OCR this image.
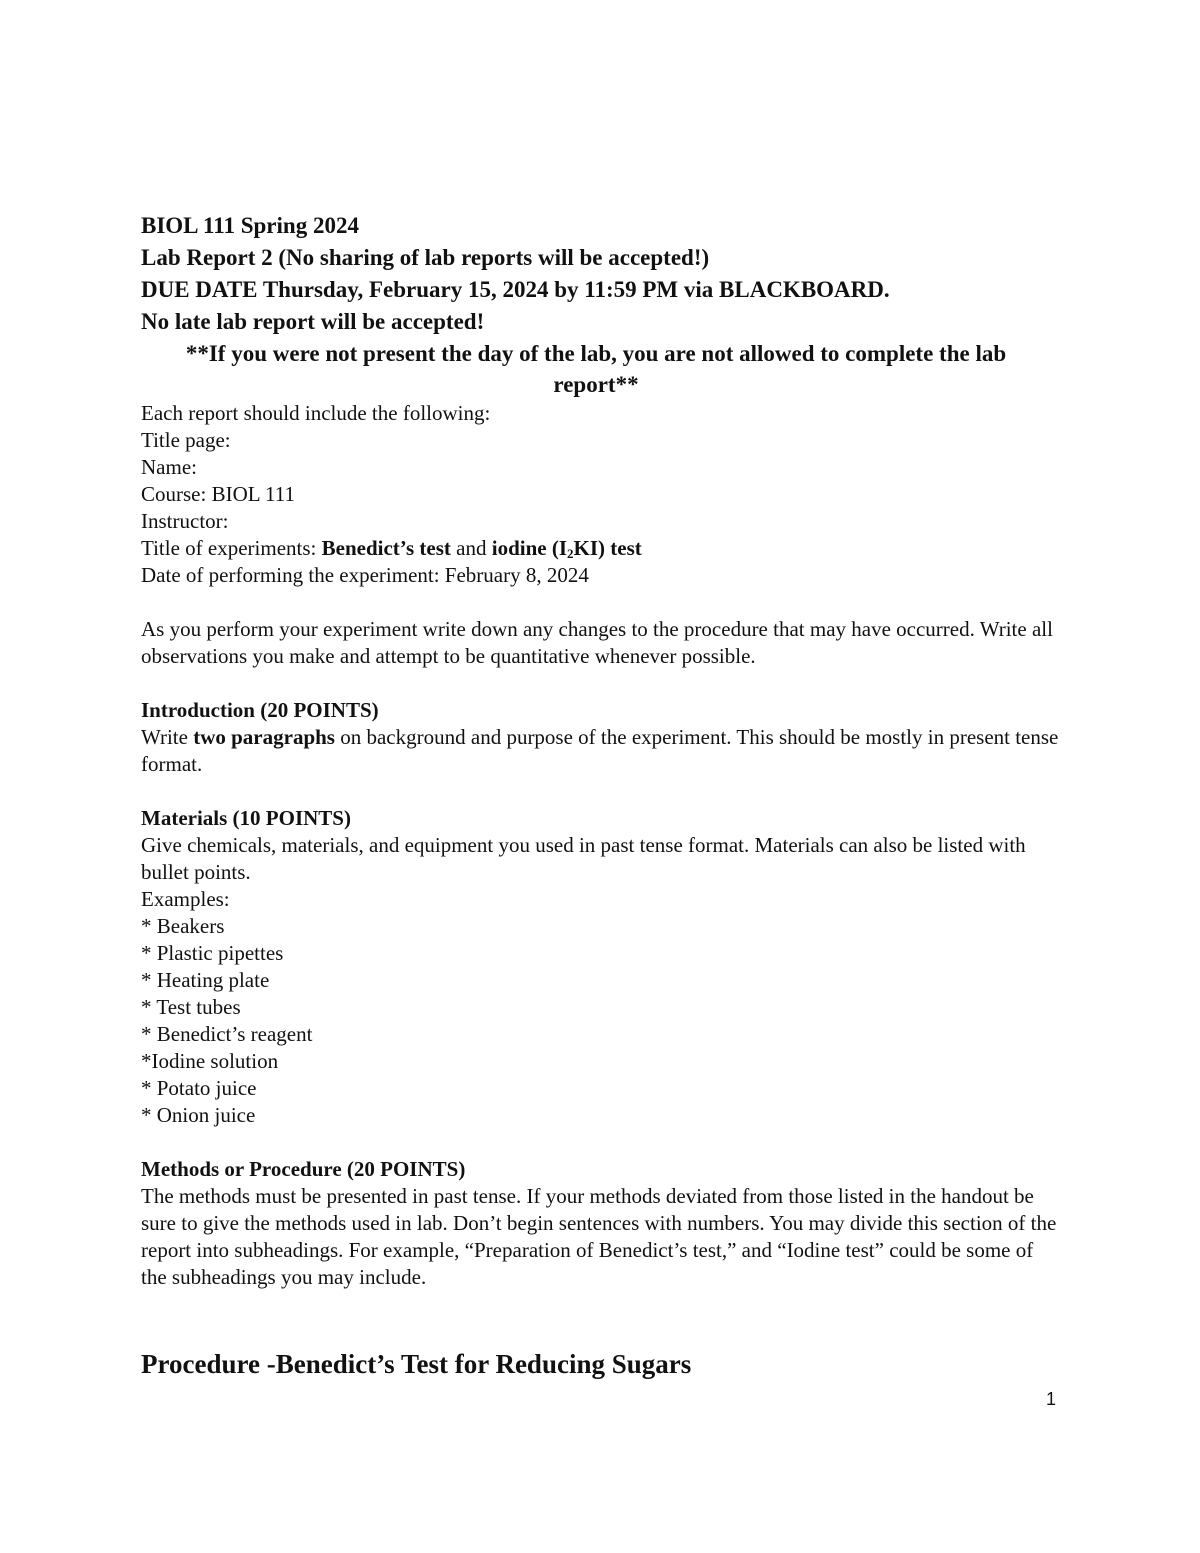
BIOL 111 Spring 2024

Lab Report 2 (No sharing of lab reports will be accepted!)

DUE DATE Thursday, February 15, 2024 by 11:59 PM via BLACKBOARD.

No late lab report will be accepted!

**If you were not present the day of the lab, you are not allowed to complete the lab report**

Each report should include the following:

Title page:

Name:

Course: BIOL 111

Instructor:

Title of experiments: Benedict’s test and iodine $(I_2KI)$ test

Date of performing the experiment: February 8, 2024

As you perform your experiment write down any changes to the procedure that may have occurred. Write all observations you make and attempt to be quantitative whenever possible.

Introduction (20 POINTS)

Write two paragraphs on background and purpose of the experiment. This should be mostly in present tense format.

Materials (10 POINTS)

Give chemicals, materials, and equipment you used in past tense format. Materials can also be listed with bullet points.

Examples:

* Beakers
* Plastic pipettes
* Heating plate
* Test tubes
* Benedict’s reagent
*Iodine solution
* Potato juice
* Onion juice

Methods or Procedure (20 POINTS)

The methods must be presented in past tense. If your methods deviated from those listed in the handout be sure to give the methods used in lab. Don’t begin sentences with numbers. You may divide this section of the report into subheadings. For example, “Preparation of Benedict’s test,” and “Iodine test” could be some of the subheadings you may include.

Procedure -Benedict’s Test for Reducing Sugars

1
